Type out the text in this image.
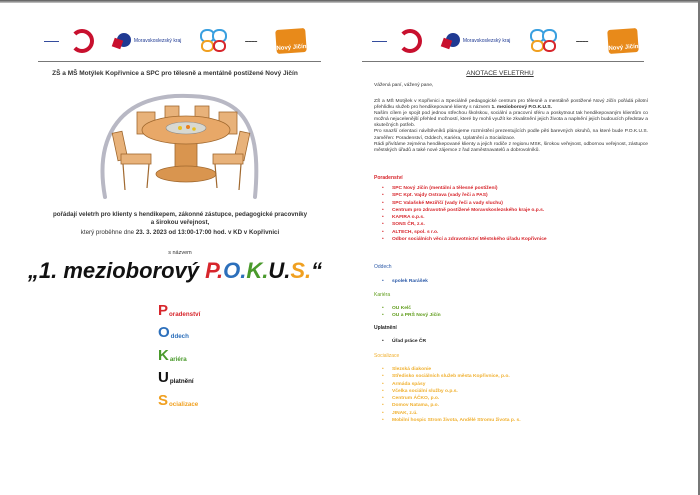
▬▬▬▬▬	Moravskoslezský kraj	▬▬▬▬
Nový Jičín
ZŠ a MŠ Motýlek Kopřivnice a SPC pro tělesně a mentálně postižené Nový Jičín
pořádají veletrh pro klienty s hendikepem, zákonné zástupce, pedagogické pracovníky
a širokou veřejnost,
který proběhne dne 23. 3. 2023 od 13:00-17:00 hod. v KD v Kopřivnici
s názvem
„1. mezioborový P.O.K.U.S.“
P oradenství
O ddech
K ariéra
U platnění
S ocializace
▬▬▬▬▬	Moravskoslezský kraj	▬▬▬▬
Nový Jičín
ANOTACE VELETRHU
Vážená paní, vážený pane,
ZŠ a MŠ Motýlek v Kopřivnici a Speciálně pedagogické centrum pro tělesně a mentálně postižené Nový Jičín pořádá pilotní přehlídku služeb pro hendikepované klienty s názvem 1. mezioborový P.O.K.U.S.
Naším cílem je spojit pod jednou střechou školskou, sociální a pracovní sféru a poskytnout tak hendikepovaným klientům co možná nejucelenější přehled možností, které by mohli využít ke zkvalitnění jejich života a naplnění jejich budoucích představ a skutečných potřeb.
Pro snazší orientaci návštěvníků plánujeme rozmístění prezentujících podle pěti barevných okruhů, na které bude P.O.K.U.S. zaměřen: Poradenství, Oddech, Kariéra, Uplatnění a Socializace.
Rádi přivítáme zejména hendikepované klienty a jejich rodiče z regionu MSK, širokou veřejnost, odbornou veřejnost, zástupce městských úřadů a také nové zájemce z řad zaměstnavatelů a dobrovolníků.
Poradenství
• SPC Nový Jičín (mentální a tělesné postižení)
• SPC Kpt. Vajdy Ostrava (vady řeči a PAS)
• SPC Valašské Meziříčí (vady řeči a vady sluchu)
• Centrum pro zdravotně postižené Moravskoslezského kraje o.p.s.
• KAFIRA o.p.s.
• SONS ČR, z.s.
• ALTECH, spol. s r.o.
• Odbor sociálních věcí a zdravotnictví Městského úřadu Kopřivnice
Oddech
• spolek Rarášek
Kariéra
• OU Kelč
• OU a PRŠ Nový Jičín
Uplatnění
• Úřad práce ČR
Socializace
• Slezská diakonie
• Středisko sociálních služeb města Kopřivnice, p.o.
• Armáda spásy
• Včelka sociální služby o.p.s.
• Centrum ÁČKO, p.o.
• Domov Natama, p.o.
• JINAK, z.ú.
• Mobilní hospic Strom života, Andělé Stromu života p. s.
